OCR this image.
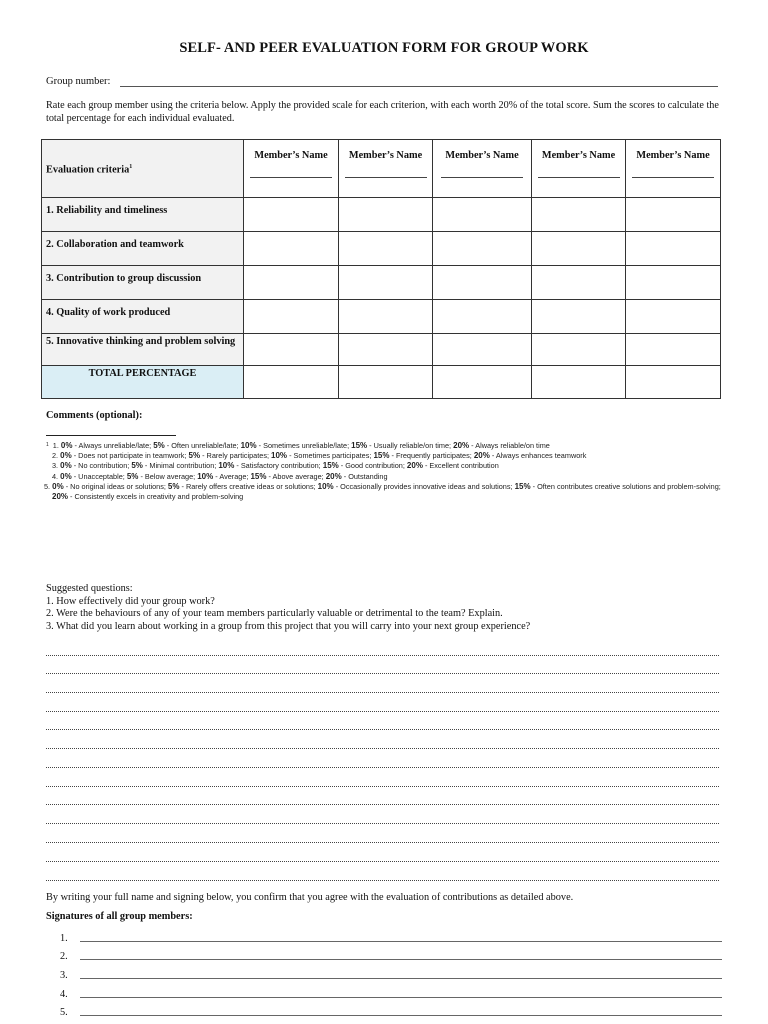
SELF- AND PEER EVALUATION FORM FOR GROUP WORK
Group number:
Rate each group member using the criteria below. Apply the provided scale for each criterion, with each worth 20% of the total score. Sum the scores to calculate the total percentage for each individual evaluated.
Evaluation criteria$^1$	Member’s Name	Member’s Name	Member’s Name	Member’s Name	Member’s Name

1. Reliability and timeliness					
2. Collaboration and teamwork					
3. Contribution to group discussion					
4. Quality of work produced					

5. Innovative thinking and problem solving					

TOTAL PERCENTAGE					
Comments (optional):
$^1$ 1. 0% - Always unreliable/late; 5% - Often unreliable/late; 10% - Sometimes unreliable/late; 15% - Usually reliable/on time; 20% - Always reliable/on time
2. 0% - Does not participate in teamwork; 5% - Rarely participates; 10% - Sometimes participates; 15% - Frequently participates; 20% - Always enhances teamwork
3. 0% - No contribution; 5% - Minimal contribution; 10% - Satisfactory contribution; 15% - Good contribution; 20% - Excellent contribution
4. 0% - Unacceptable; 5% - Below average; 10% - Average; 15% - Above average; 20% - Outstanding
5. 0% - No original ideas or solutions; 5% - Rarely offers creative ideas or solutions; 10% - Occasionally provides innovative ideas and solutions; 15% - Often contributes creative solutions and problem-solving; 20% - Consistently excels in creativity and problem-solving
Suggested questions:
1. How effectively did your group work?
2. Were the behaviours of any of your team members particularly valuable or detrimental to the team? Explain.
3. What did you learn about working in a group from this project that you will carry into your next group experience?
By writing your full name and signing below, you confirm that you agree with the evaluation of contributions as detailed above.
Signatures of all group members:
1.
2.
3.
4.
5.
